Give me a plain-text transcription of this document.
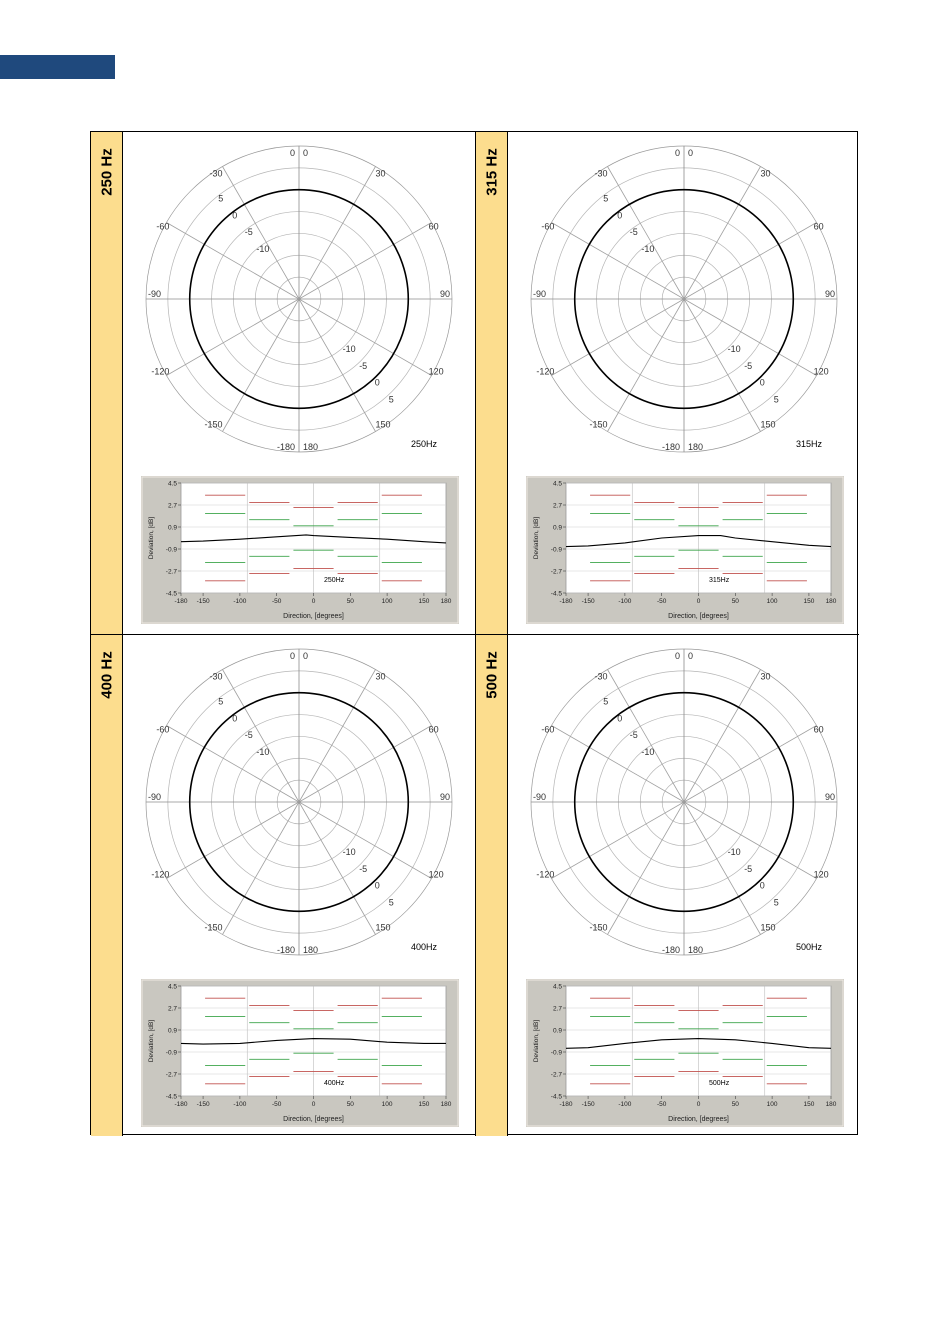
250 Hz	0 0
30
60
90
120
150
180
-180
-150
-120
-90
-60
-30
5
0
-5
-10
-10
-5
0
5
250Hz
4.5
2.7
0.9
-0.9
-2.7
-4.5
-180 -150	-100	-50	0	50	100	150 180
250Hz
Direction, [degrees]
Deviation, [dB]
315 Hz	0 0
30
60
90
120
150
180
-180
-150
-120
-90
-60
-30
5
0
-5
-10
-10
-5
0
5
315Hz
4.5
2.7
0.9
-0.9
-2.7
-4.5
-180 -150	-100	-50	0	50	100	150 180
315Hz
Direction, [degrees]
Deviation, [dB]
400 Hz	0 0
30
60
90
120
150
180
-180
-150
-120
-90
-60
-30
5
0
-5
-10
-10
-5
0
5
400Hz
4.5
2.7
0.9
-0.9
-2.7
-4.5
-180 -150	-100	-50	0	50	100	150 180
400Hz
Direction, [degrees]
Deviation, [dB]
500 Hz	0 0
30
60
90
120
150
180
-180
-150
-120
-90
-60
-30
5
0
-5
-10
-10
-5
0
5
500Hz
4.5
2.7
0.9
-0.9
-2.7
-4.5
-180 -150	-100	-50	0	50	100	150 180
500Hz
Direction, [degrees]
Deviation, [dB]
